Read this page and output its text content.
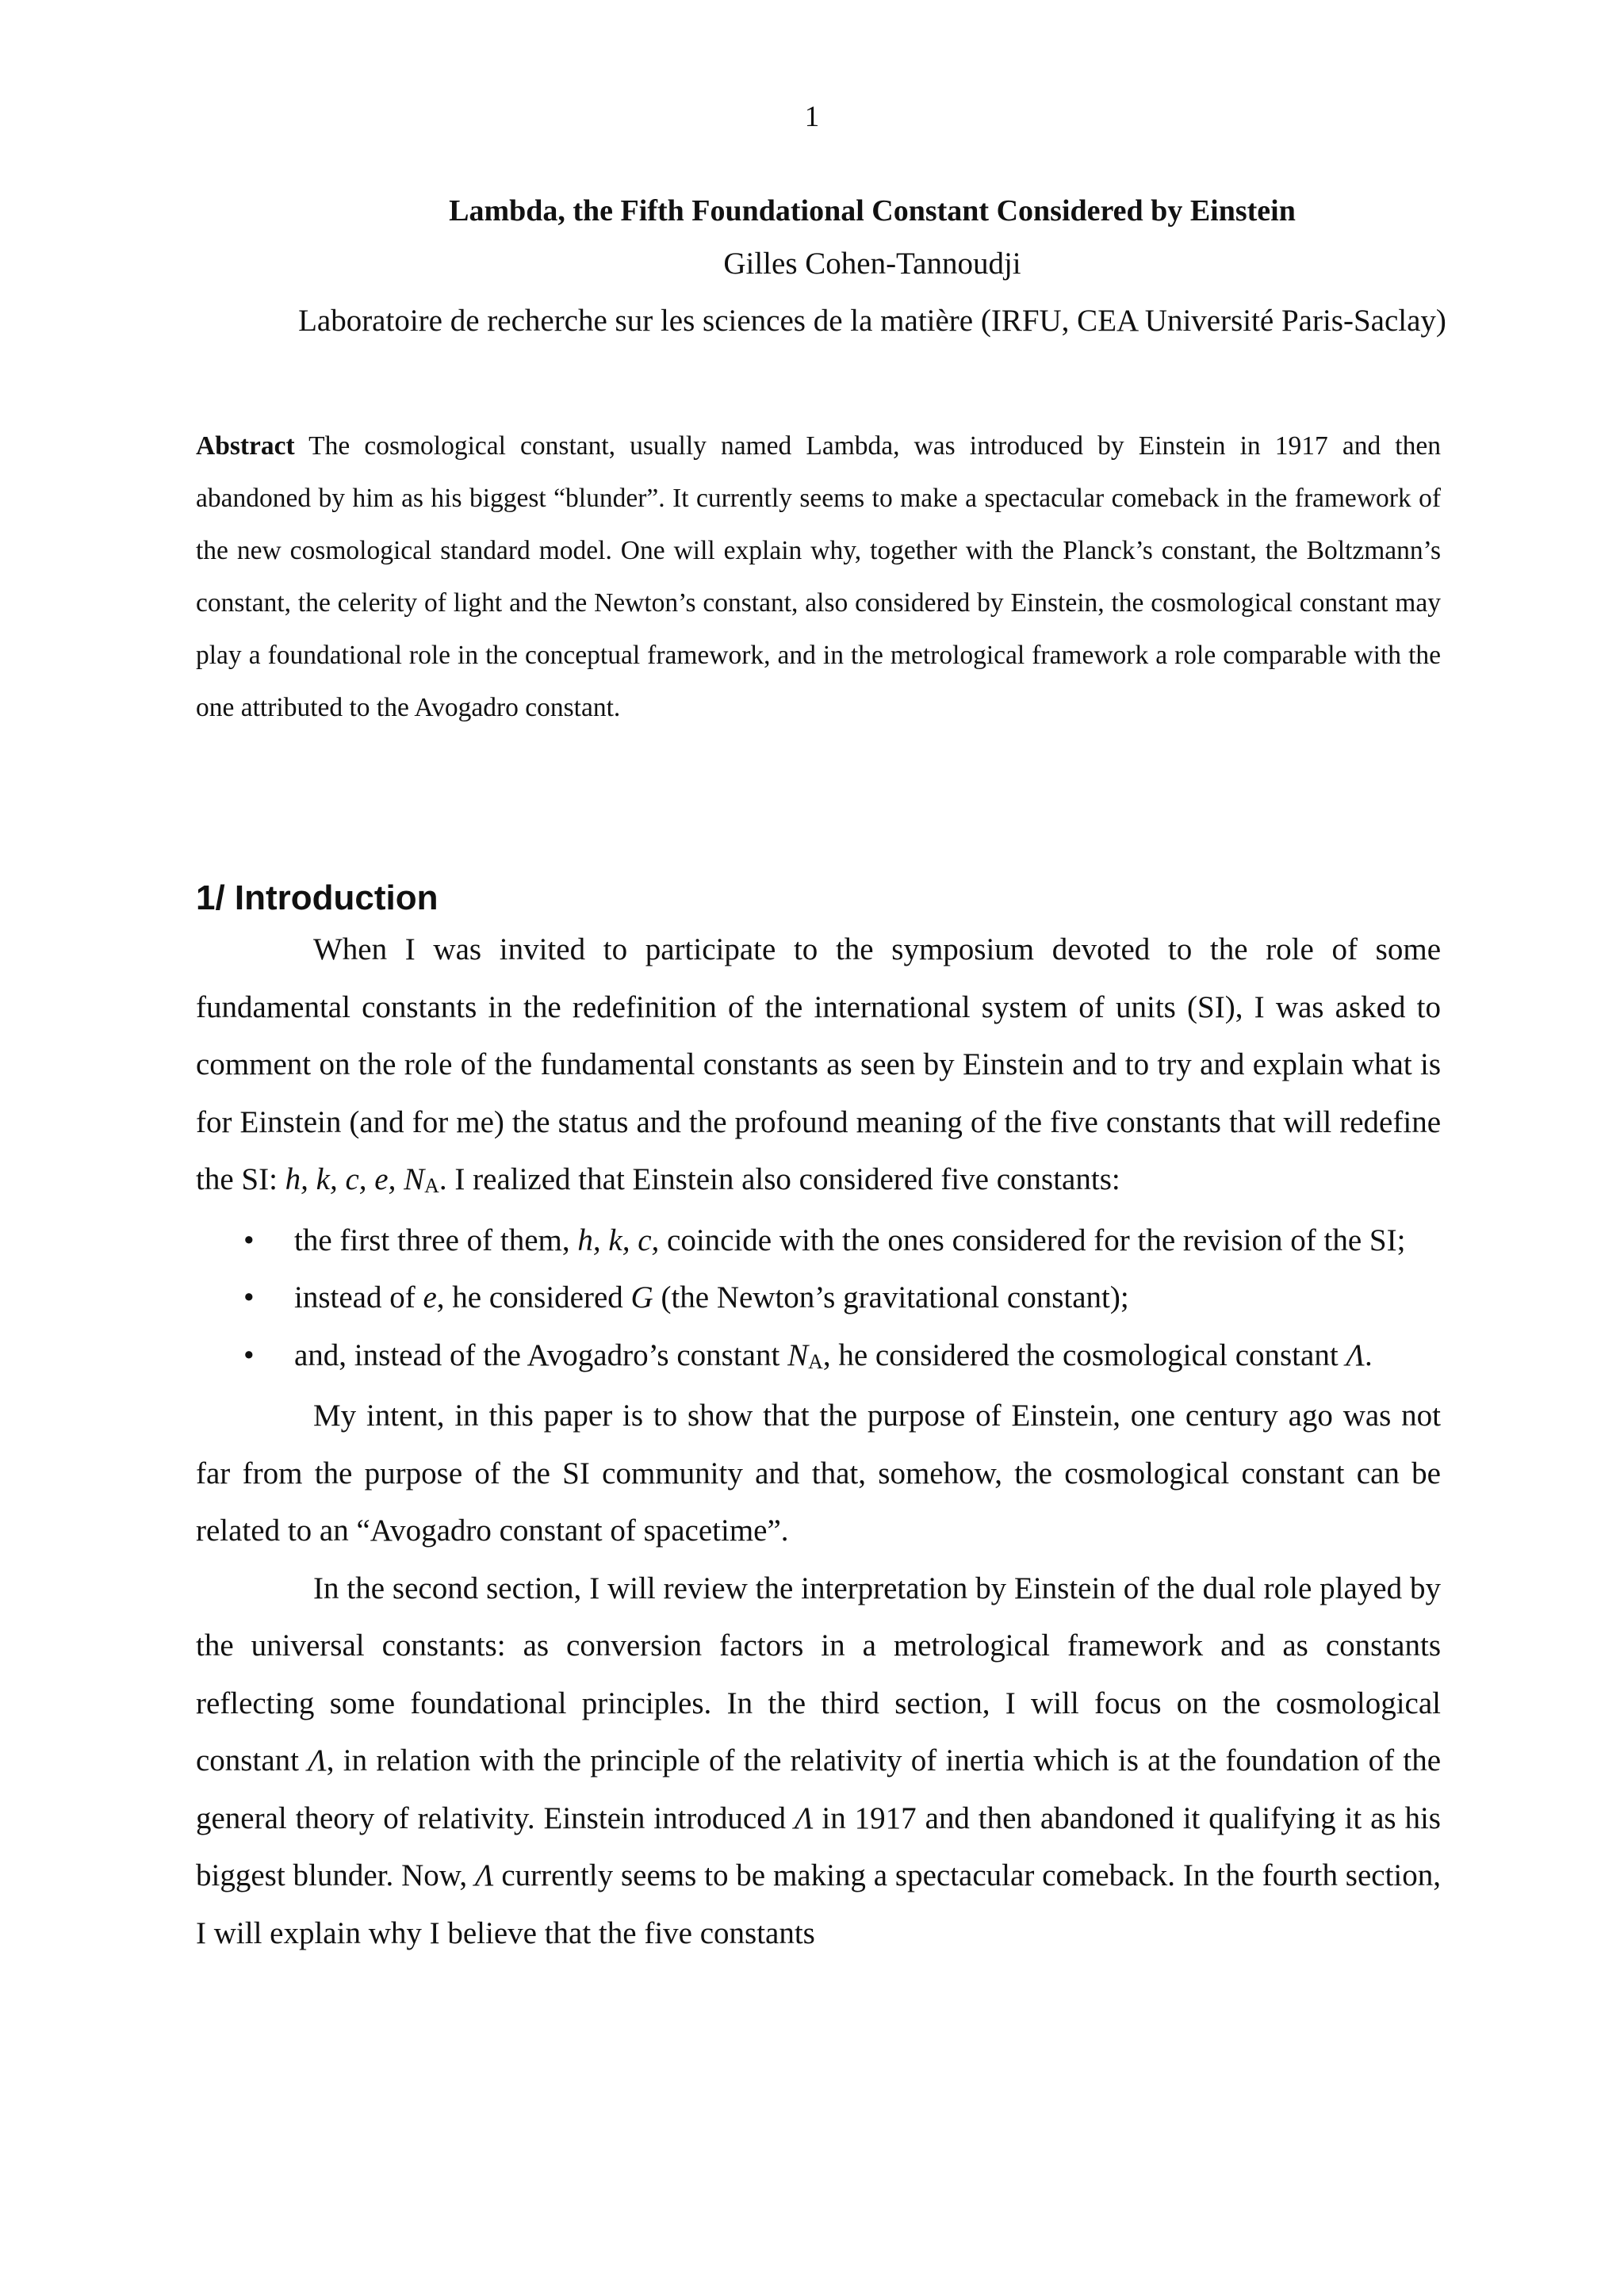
1
Lambda, the Fifth Foundational Constant Considered by Einstein
Gilles Cohen-Tannoudji
Laboratoire de recherche sur les sciences de la matière (IRFU, CEA Université Paris-Saclay)
Abstract The cosmological constant, usually named Lambda, was introduced by Einstein in 1917 and then abandoned by him as his biggest “blunder”. It currently seems to make a spectacular comeback in the framework of the new cosmological standard model. One will explain why, together with the Planck’s constant, the Boltzmann’s constant, the celerity of light and the Newton’s constant, also considered by Einstein, the cosmological constant may play a foundational role in the conceptual framework, and in the metrological framework a role comparable with the one attributed to the Avogadro constant.
1/ Introduction

When I was invited to participate to the symposium devoted to the role of some fundamental constants in the redefinition of the international system of units (SI), I was asked to comment on the role of the fundamental constants as seen by Einstein and to try and explain what is for Einstein (and for me) the status and the profound meaning of the five constants that will redefine the SI: h, k, c, e, $N_A$. I realized that Einstein also considered five constants:

• the first three of them, h, k, c, coincide with the ones considered for the revision of the SI;
• instead of e, he considered G (the Newton’s gravitational constant);
• and, instead of the Avogadro’s constant $N_A$, he considered the cosmological constant Λ.

My intent, in this paper is to show that the purpose of Einstein, one century ago was not far from the purpose of the SI community and that, somehow, the cosmological constant can be related to an “Avogadro constant of spacetime”.

In the second section, I will review the interpretation by Einstein of the dual role played by the universal constants: as conversion factors in a metrological framework and as constants reflecting some foundational principles. In the third section, I will focus on the cosmological constant Λ, in relation with the principle of the relativity of inertia which is at the foundation of the general theory of relativity. Einstein introduced Λ in 1917 and then abandoned it qualifying it as his biggest blunder. Now, Λ currently seems to be making a spectacular comeback. In the fourth section, I will explain why I believe that the five constants
